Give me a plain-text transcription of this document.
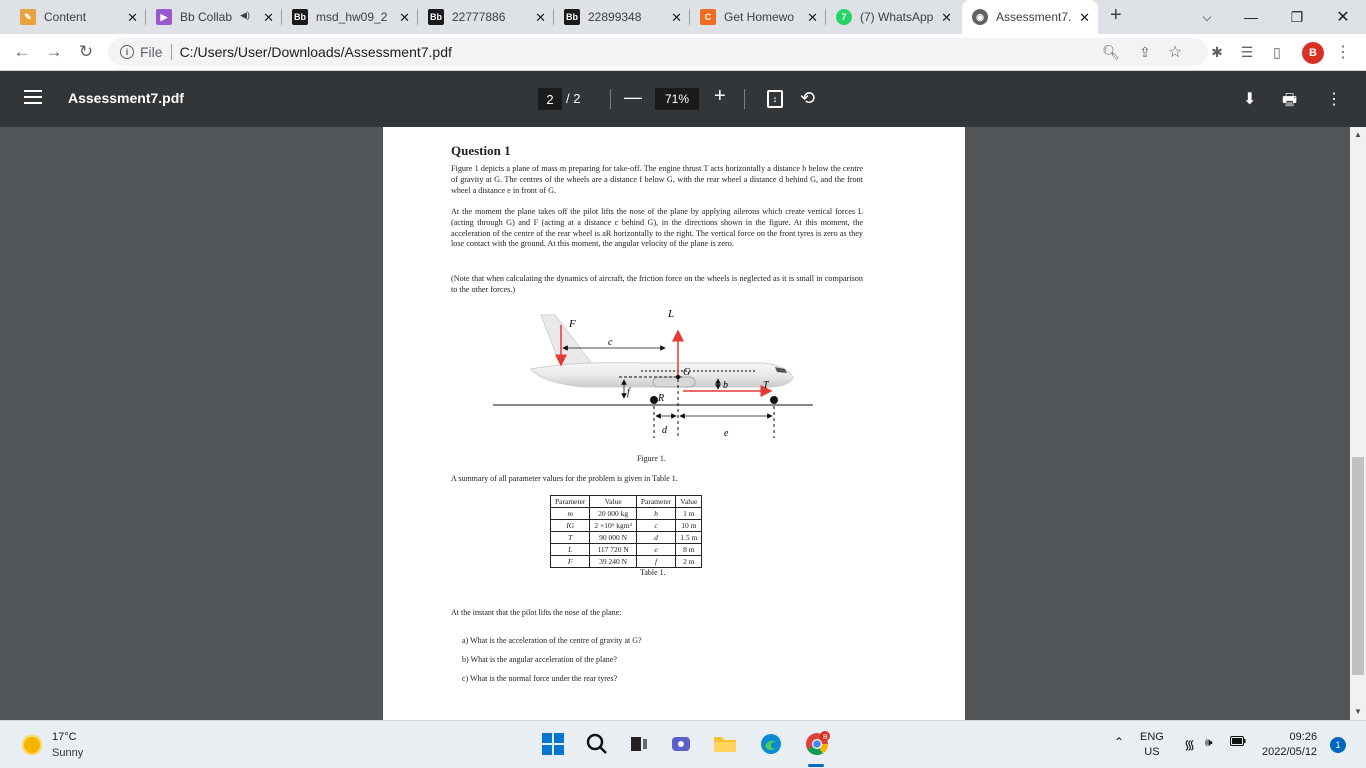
✎	Content	✕	▶	Bb Collab ◀) ✕ Bb msd_hw09_2 ✕ Bb 22777886 ✕ Bb 22899348 ✕	C	Get Homewo ✕	7	(7) WhatsApp ✕	◉	Assessment7. ✕ +	⌵	—	❐	✕
← → ↻	i File C:/Users/User/Downloads/Assessment7.pdf	🔍︎ ⇪ ☆ ✱ ☰	▯	B	⋮
Assessment7.pdf	2 / 2 —	71%	+	↕	⟲	⬇ 🖶︎ ⋮
Question 1
Figure 1 depicts a plane of mass m preparing for take-off. The engine thrust T acts horizontally a distance b below the centre of gravity at G. The centres of the wheels are a distance f below G, with the rear wheel a distance d behind G, and the front wheel a distance e in front of G.
At the moment the plane takes off the pilot lifts the nose of the plane by applying ailerons which create vertical forces L (acting through G) and F (acting at a distance c behind G), in the directions shown in the figure. At this moment, the acceleration of the centre of the rear wheel is aR horizontally to the right. The vertical force on the front tyres is zero as they lose contact with the ground. At this moment, the angular velocity of the plane is zero.
(Note that when calculating the dynamics of aircraft, the friction force on the wheels is neglected as it is small in comparison to the other forces.)
F
L
c
G
T
b
f
R
d	e
Figure 1.
A summary of all parameter values for the problem is given in Table 1.
Parameter	Value	Parameter	Value
m	20 000 kg	b	1 m
IG	2 ×10⁶ kgm²	c	10 m
T	90 000 N	d	1.5 m
L	117 720 N	e	8 m
F	39 240 N	f	2 m
Table 1.
At the instant that the pilot lifts the nose of the plane:
a) What is the acceleration of the centre of gravity at G?
b) What is the angular acceleration of the plane?
c) What is the normal force under the rear tyres?
▲
▼
17°C
Sunny
B	⌃ ENG
US	᯾ 🕪︎	09:26
2022/05/12
1
